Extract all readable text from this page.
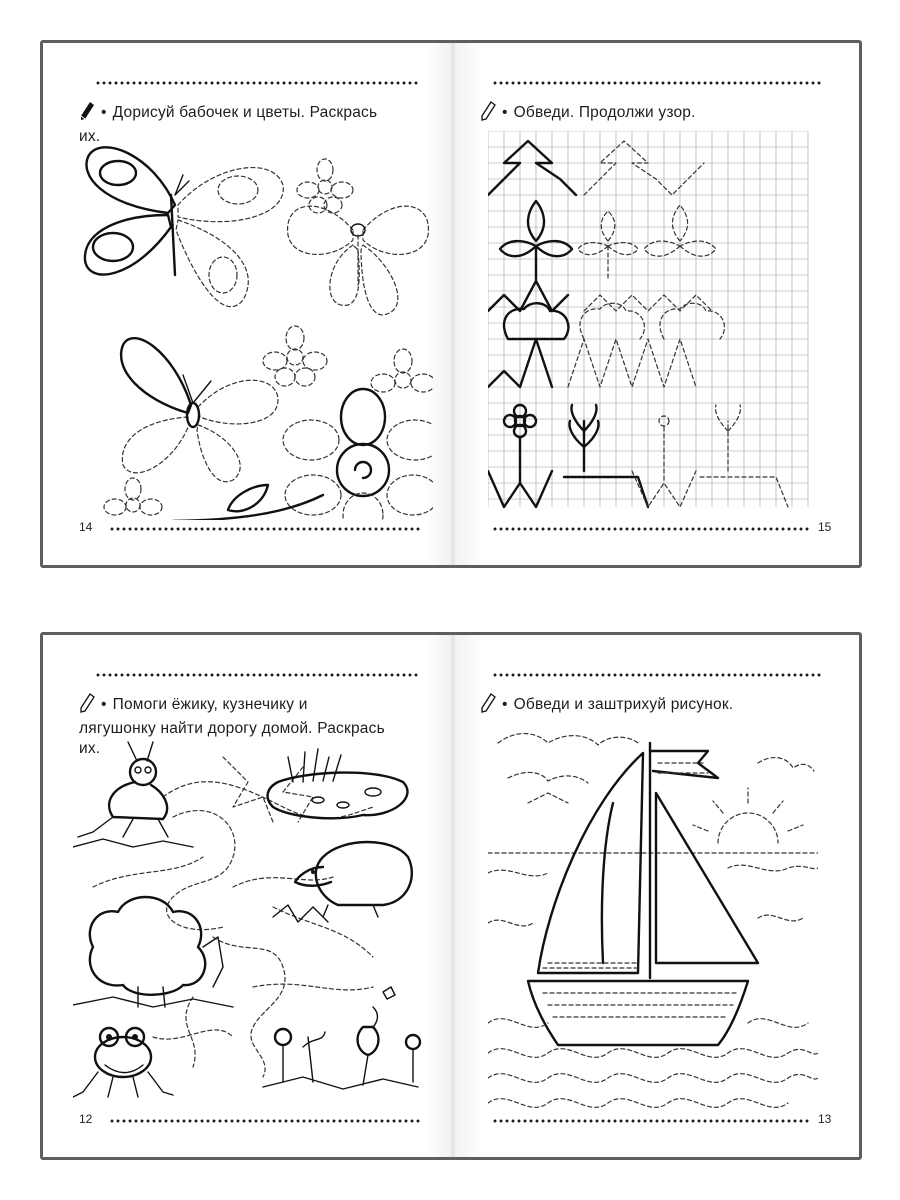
• Дорисуй бабочек и цветы. Раскрась их.
14
• Обведи. Продолжи узор.
15
• Помоги ёжику, кузнечику и лягушонку найти дорогу домой. Раскрась их.
12
• Обведи и заштрихуй рисунок.
13
